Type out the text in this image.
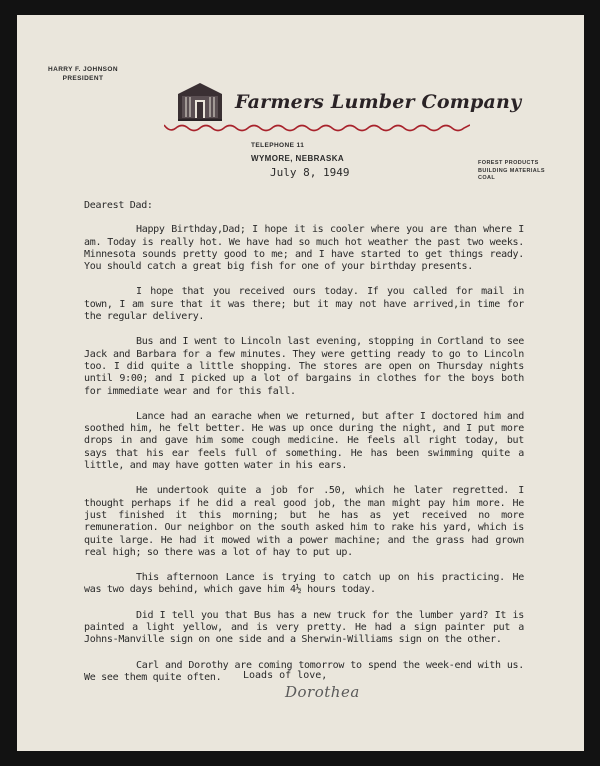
HARRY F. JOHNSON
PRESIDENT
Farmers Lumber Company
TELEPHONE 11
WYMORE, NEBRASKA	FOREST PRODUCTS
BUILDING MATERIALS
COAL
July 8, 1949

Dearest Dad:

Happy Birthday,Dad; I hope it is cooler where you are than where I am. Today is really hot. We have had so much hot weather the past two weeks. Minnesota sounds pretty good to me; and I have started to get things ready. You should catch a great big fish for one of your birthday presents.

I hope that you received ours today. If you called for mail in town, I am sure that it was there; but it may not have arrived,in time for the regular delivery.

Bus and I went to Lincoln last evening, stopping in Cortland to see Jack and Barbara for a few minutes. They were getting ready to go to Lincoln too. I did quite a little shopping. The stores are open on Thursday nights until 9:00; and I picked up a lot of bargains in clothes for the boys both for immediate wear and for this fall.

Lance had an earache when we returned, but after I doctored him and soothed him, he felt better. He was up once during the night, and I put more drops in and gave him some cough medicine. He feels all right today, but says that his ear feels full of something. He has been swimming quite a little, and may have gotten water in his ears.

He undertook quite a job for .50, which he later regretted. I thought perhaps if he did a real good job, the man might pay him more. He just finished it this morning; but he has as yet received no more remuneration. Our neighbor on the south asked him to rake his yard, which is quite large. He had it mowed with a power machine; and the grass had grown real high; so there was a lot of hay to put up.

This afternoon Lance is trying to catch up on his practicing. He was two days behind, which gave him 4½ hours today.

Did I tell you that Bus has a new truck for the lumber yard? It is painted a light yellow, and is very pretty. He had a sign painter put a Johns-Manville sign on one side and a Sherwin-Williams sign on the other.

Carl and Dorothy are coming tomorrow to spend the week-end with us. We see them quite often.	Loads of love,
Dorothea
